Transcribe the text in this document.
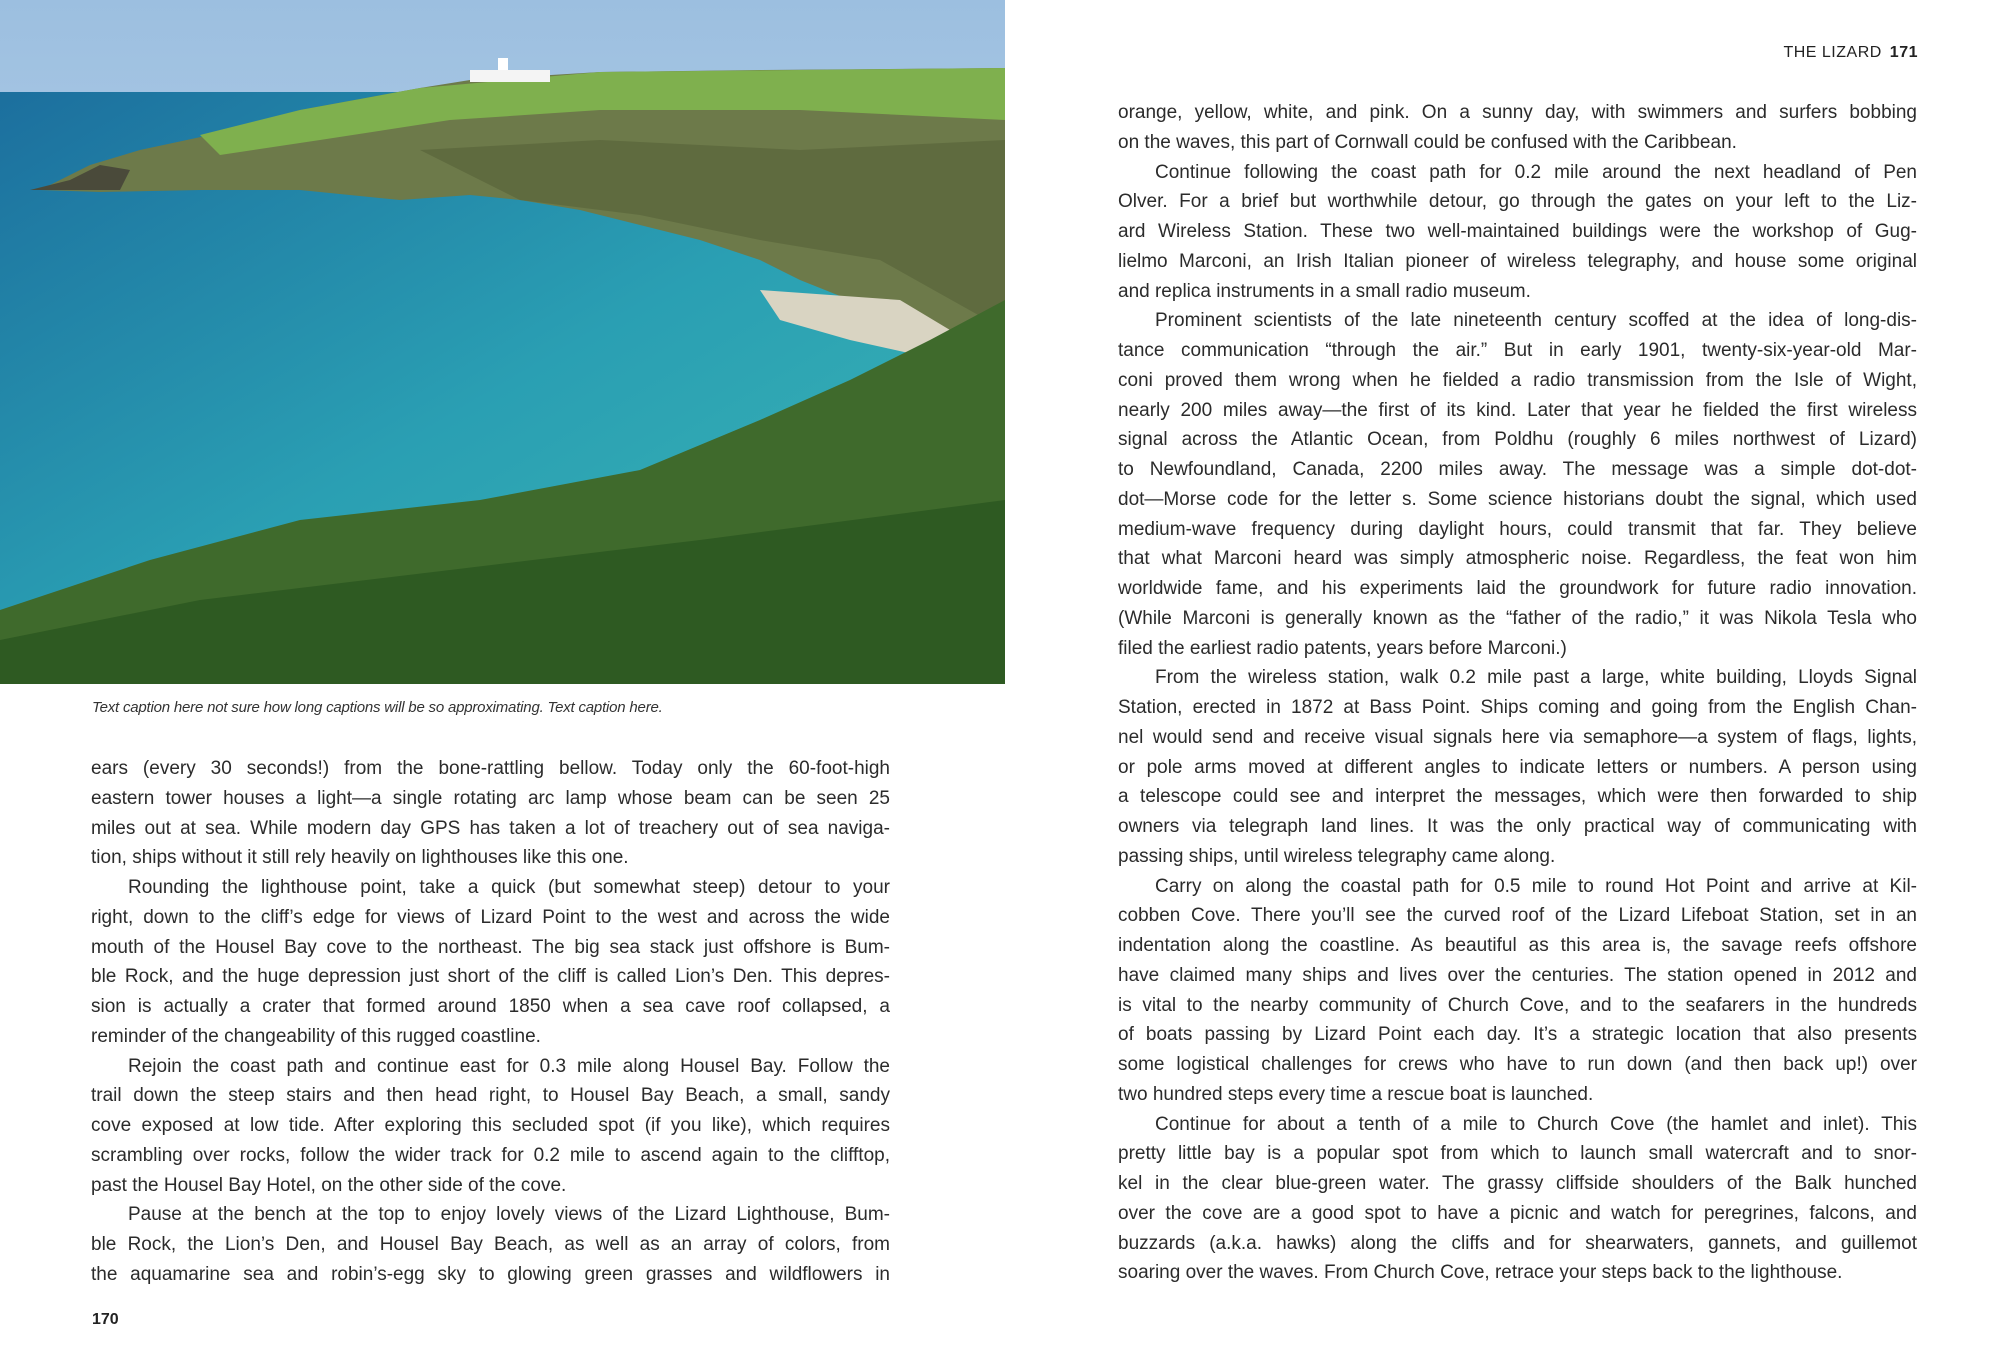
Text caption here not sure how long captions will be so approximating. Text caption here.
ears (every 30 seconds!) from the bone-rattling bellow. Today only the 60-foot-high
eastern tower houses a light—a single rotating arc lamp whose beam can be seen 25
miles out at sea. While modern day GPS has taken a lot of treachery out of sea naviga-
tion, ships without it still rely heavily on lighthouses like this one.
Rounding the lighthouse point, take a quick (but somewhat steep) detour to your
right, down to the cliff’s edge for views of Lizard Point to the west and across the wide
mouth of the Housel Bay cove to the northeast. The big sea stack just offshore is Bum-
ble Rock, and the huge depression just short of the cliff is called Lion’s Den. This depres-
sion is actually a crater that formed around 1850 when a sea cave roof collapsed, a
reminder of the changeability of this rugged coastline.
Rejoin the coast path and continue east for 0.3 mile along Housel Bay. Follow the
trail down the steep stairs and then head right, to Housel Bay Beach, a small, sandy
cove exposed at low tide. After exploring this secluded spot (if you like), which requires
scrambling over rocks, follow the wider track for 0.2 mile to ascend again to the clifftop,
past the Housel Bay Hotel, on the other side of the cove.
Pause at the bench at the top to enjoy lovely views of the Lizard Lighthouse, Bum-
ble Rock, the Lion’s Den, and Housel Bay Beach, as well as an array of colors, from
the aquamarine sea and robin’s-egg sky to glowing green grasses and wildflowers in
orange, yellow, white, and pink. On a sunny day, with swimmers and surfers bobbing
on the waves, this part of Cornwall could be confused with the Caribbean.
Continue following the coast path for 0.2 mile around the next headland of Pen
Olver. For a brief but worthwhile detour, go through the gates on your left to the Liz-
ard Wireless Station. These two well-maintained buildings were the workshop of Gug-
lielmo Marconi, an Irish Italian pioneer of wireless telegraphy, and house some original
and replica instruments in a small radio museum.
Prominent scientists of the late nineteenth century scoffed at the idea of long-dis-
tance communication “through the air.” But in early 1901, twenty-six-year-old Mar-
coni proved them wrong when he fielded a radio transmission from the Isle of Wight,
nearly 200 miles away—the first of its kind. Later that year he fielded the first wireless
signal across the Atlantic Ocean, from Poldhu (roughly 6 miles northwest of Lizard)
to Newfoundland, Canada, 2200 miles away. The message was a simple dot-dot-
dot—Morse code for the letter s. Some science historians doubt the signal, which used
medium-wave frequency during daylight hours, could transmit that far. They believe
that what Marconi heard was simply atmospheric noise. Regardless, the feat won him
worldwide fame, and his experiments laid the groundwork for future radio innovation.
(While Marconi is generally known as the “father of the radio,” it was Nikola Tesla who
filed the earliest radio patents, years before Marconi.)
From the wireless station, walk 0.2 mile past a large, white building, Lloyds Signal
Station, erected in 1872 at Bass Point. Ships coming and going from the English Chan-
nel would send and receive visual signals here via semaphore—a system of flags, lights,
or pole arms moved at different angles to indicate letters or numbers. A person using
a telescope could see and interpret the messages, which were then forwarded to ship
owners via telegraph land lines. It was the only practical way of communicating with
passing ships, until wireless telegraphy came along.
Carry on along the coastal path for 0.5 mile to round Hot Point and arrive at Kil-
cobben Cove. There you’ll see the curved roof of the Lizard Lifeboat Station, set in an
indentation along the coastline. As beautiful as this area is, the savage reefs offshore
have claimed many ships and lives over the centuries. The station opened in 2012 and
is vital to the nearby community of Church Cove, and to the seafarers in the hundreds
of boats passing by Lizard Point each day. It’s a strategic location that also presents
some logistical challenges for crews who have to run down (and then back up!) over
two hundred steps every time a rescue boat is launched.
Continue for about a tenth of a mile to Church Cove (the hamlet and inlet). This
pretty little bay is a popular spot from which to launch small watercraft and to snor-
kel in the clear blue-green water. The grassy cliffside shoulders of the Balk hunched
over the cove are a good spot to have a picnic and watch for peregrines, falcons, and
buzzards (a.k.a. hawks) along the cliffs and for shearwaters, gannets, and guillemot
soaring over the waves. From Church Cove, retrace your steps back to the lighthouse.
170
THE LIZARD 171
